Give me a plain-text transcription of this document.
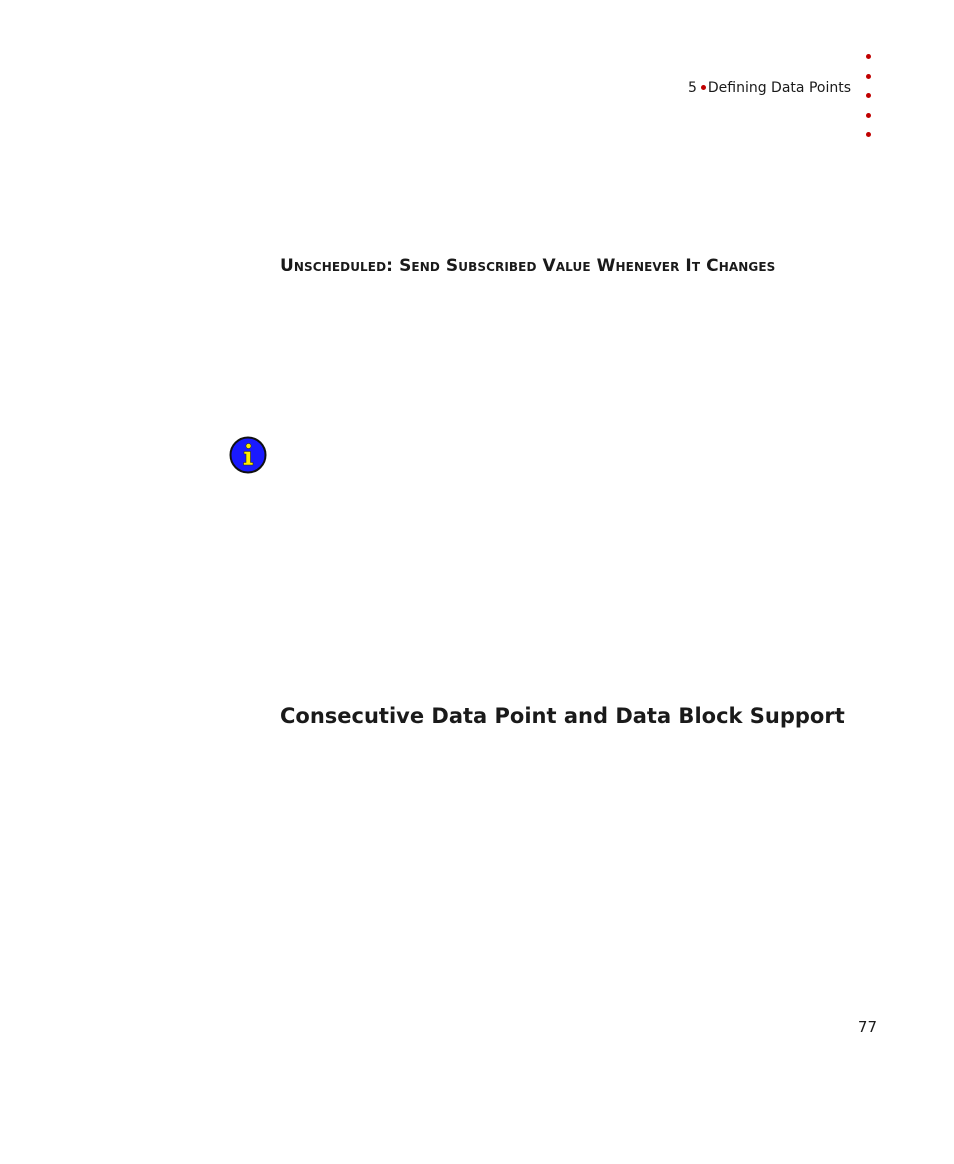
5 Defining Data Points
Unscheduled: Send Subscribed Value Whenever It Changes
Consecutive Data Point and Data Block Support
77
